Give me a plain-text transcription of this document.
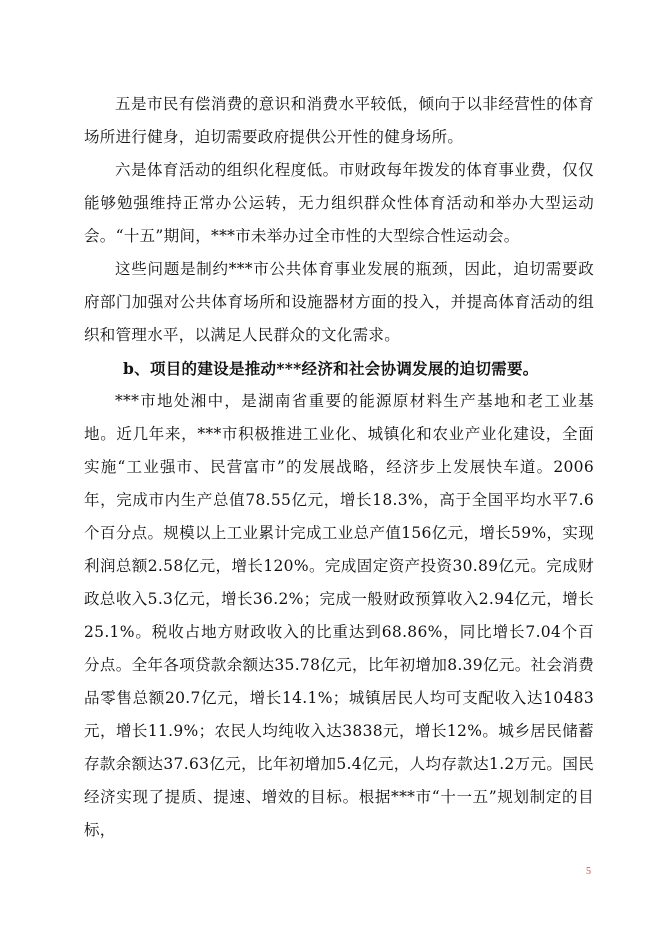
五是市民有偿消费的意识和消费水平较低，倾向于以非经营性的体育场所进行健身，迫切需要政府提供公开性的健身场所。

六是体育活动的组织化程度低。市财政每年拨发的体育事业费，仅仅能够勉强维持正常办公运转，无力组织群众性体育活动和举办大型运动会。“十五”期间，***市未举办过全市性的大型综合性运动会。

这些问题是制约***市公共体育事业发展的瓶颈，因此，迫切需要政府部门加强对公共体育场所和设施器材方面的投入，并提高体育活动的组织和管理水平，以满足人民群众的文化需求。

b、项目的建设是推动***经济和社会协调发展的迫切需要。

***市地处湘中，是湖南省重要的能源原材料生产基地和老工业基地。近几年来，***市积极推进工业化、城镇化和农业产业化建设，全面实施“工业强市、民营富市”的发展战略，经济步上发展快车道。2006年，完成市内生产总值78.55亿元，增长18.3%，高于全国平均水平7.6个百分点。规模以上工业累计完成工业总产值156亿元，增长59%，实现利润总额2.58亿元，增长120%。完成固定资产投资30.89亿元。完成财政总收入5.3亿元，增长36.2%；完成一般财政预算收入2.94亿元，增长25.1%。税收占地方财政收入的比重达到68.86%，同比增长7.04个百分点。全年各项贷款余额达35.78亿元，比年初增加8.39亿元。社会消费品零售总额20.7亿元，增长14.1%；城镇居民人均可支配收入达10483元，增长11.9%；农民人均纯收入达3838元，增长12%。城乡居民储蓄存款余额达37.63亿元，比年初增加5.4亿元，人均存款达1.2万元。国民经济实现了提质、提速、增效的目标。根据***市“十一五”规划制定的目标，

5
